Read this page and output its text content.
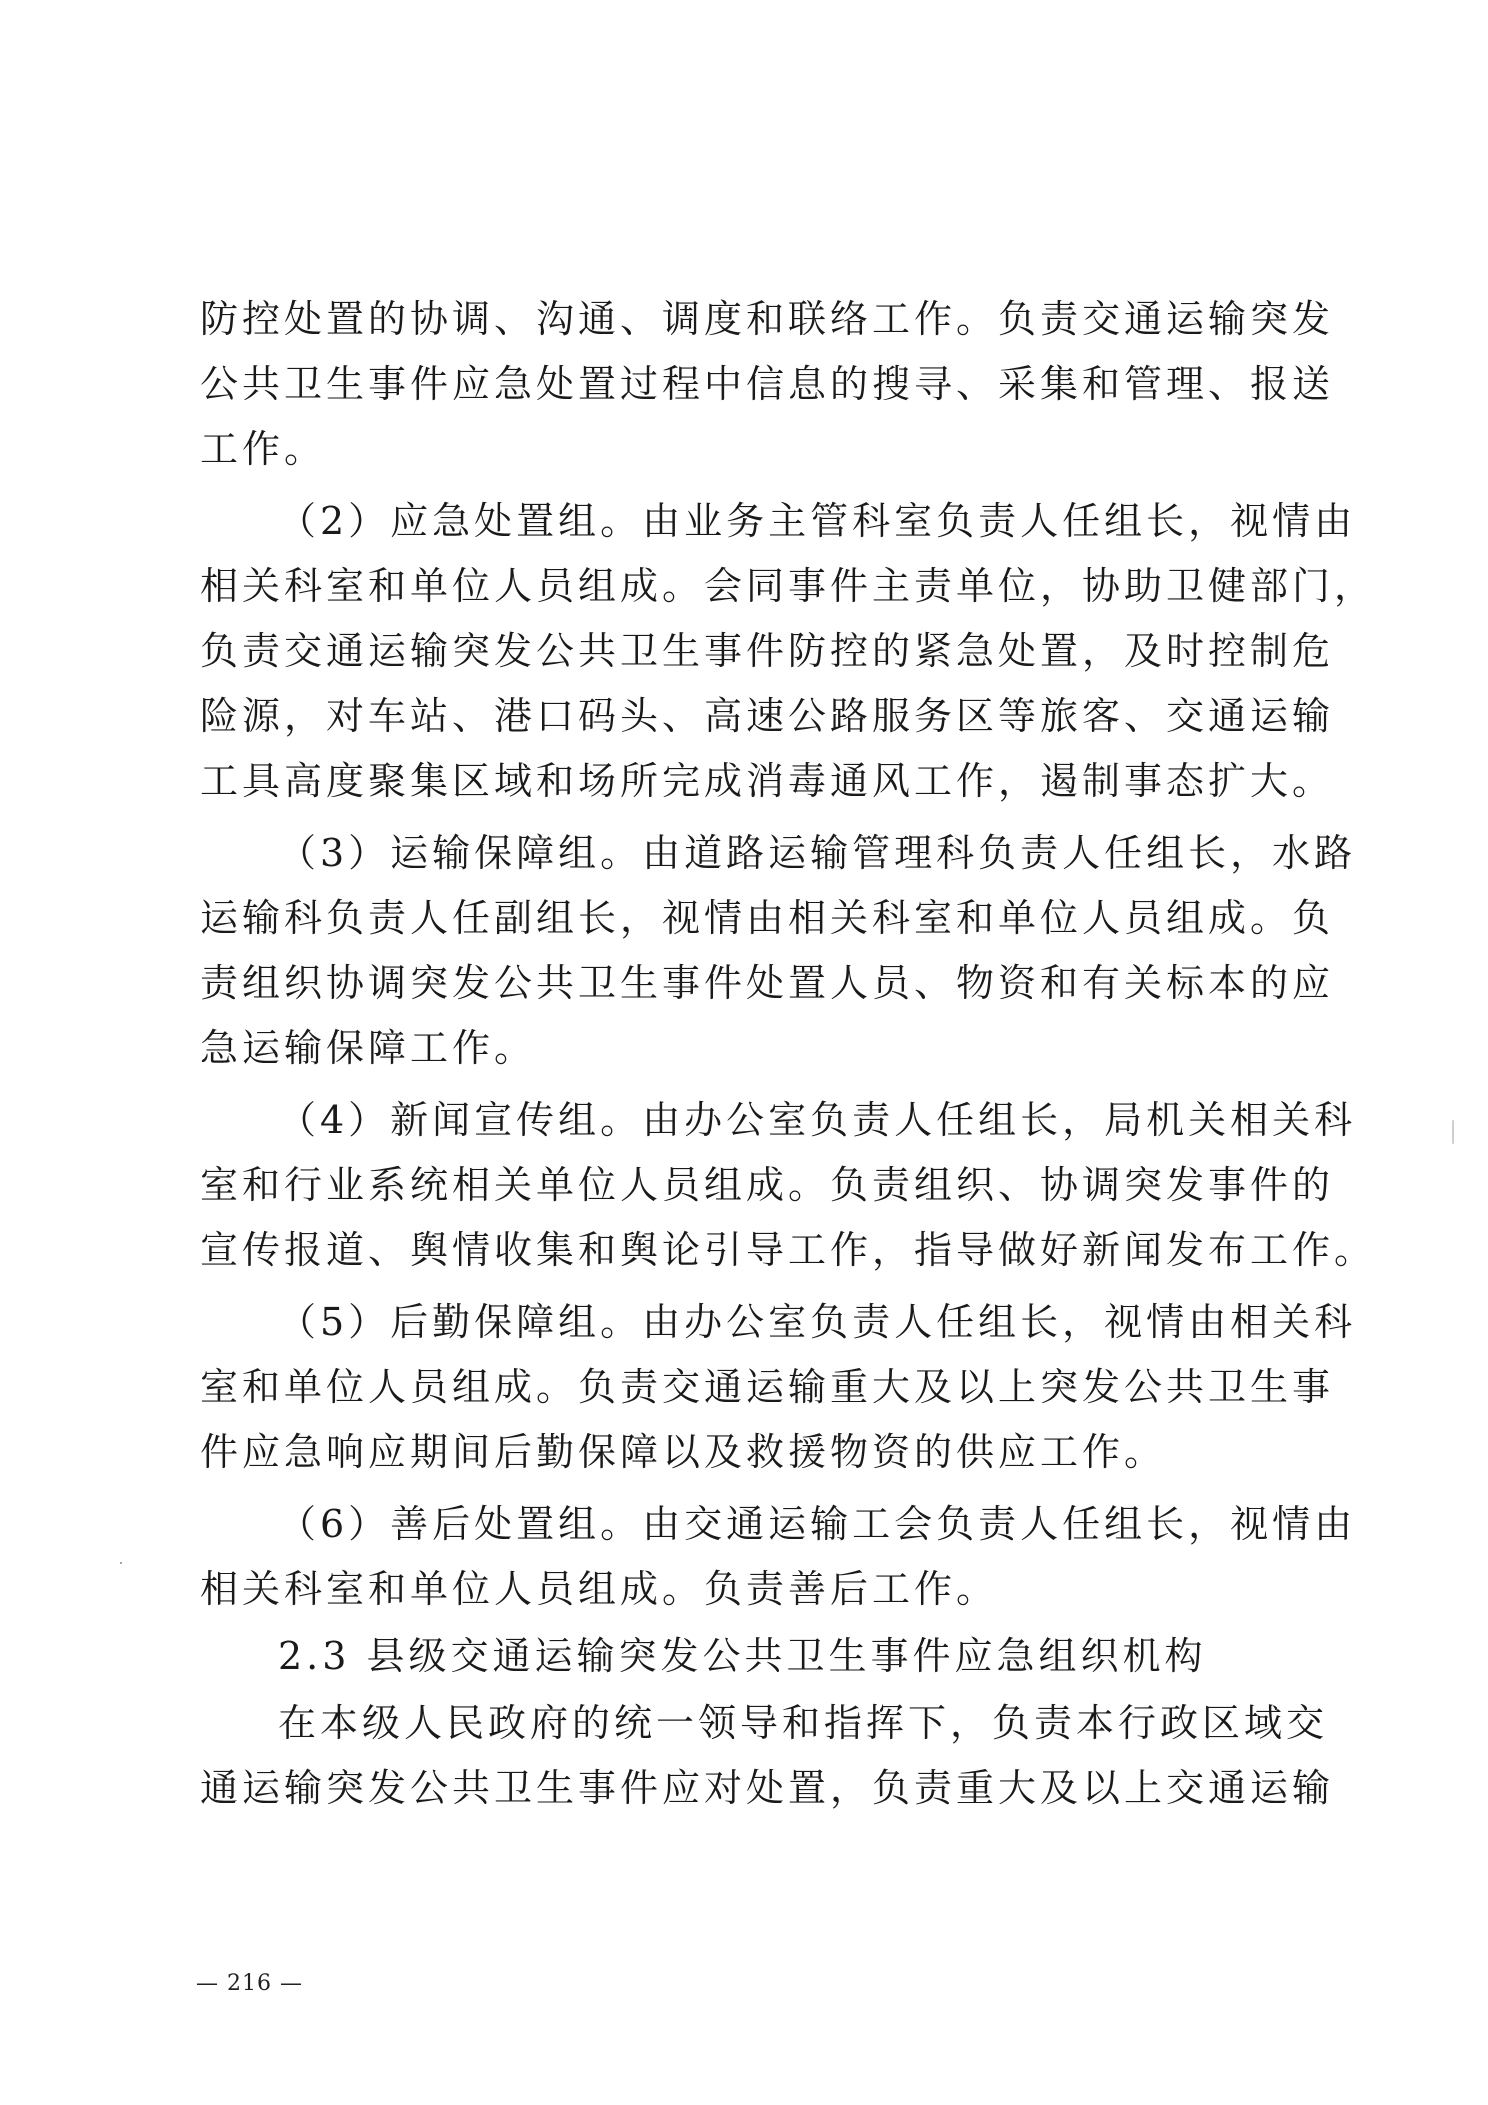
防控处置的协调、沟通、调度和联络工作。负责交通运输突发
公共卫生事件应急处置过程中信息的搜寻、采集和管理、报送
工作。
（2）应急处置组。由业务主管科室负责人任组长，视情由
相关科室和单位人员组成。会同事件主责单位，协助卫健部门，
负责交通运输突发公共卫生事件防控的紧急处置，及时控制危
险源，对车站、港口码头、高速公路服务区等旅客、交通运输
工具高度聚集区域和场所完成消毒通风工作，遏制事态扩大。
（3）运输保障组。由道路运输管理科负责人任组长，水路
运输科负责人任副组长，视情由相关科室和单位人员组成。负
责组织协调突发公共卫生事件处置人员、物资和有关标本的应
急运输保障工作。
（4）新闻宣传组。由办公室负责人任组长，局机关相关科
室和行业系统相关单位人员组成。负责组织、协调突发事件的
宣传报道、舆情收集和舆论引导工作，指导做好新闻发布工作。
（5）后勤保障组。由办公室负责人任组长，视情由相关科
室和单位人员组成。负责交通运输重大及以上突发公共卫生事
件应急响应期间后勤保障以及救援物资的供应工作。
（6）善后处置组。由交通运输工会负责人任组长，视情由
相关科室和单位人员组成。负责善后工作。
2.3 县级交通运输突发公共卫生事件应急组织机构
在本级人民政府的统一领导和指挥下，负责本行政区域交
通运输突发公共卫生事件应对处置，负责重大及以上交通运输
— 216 —
